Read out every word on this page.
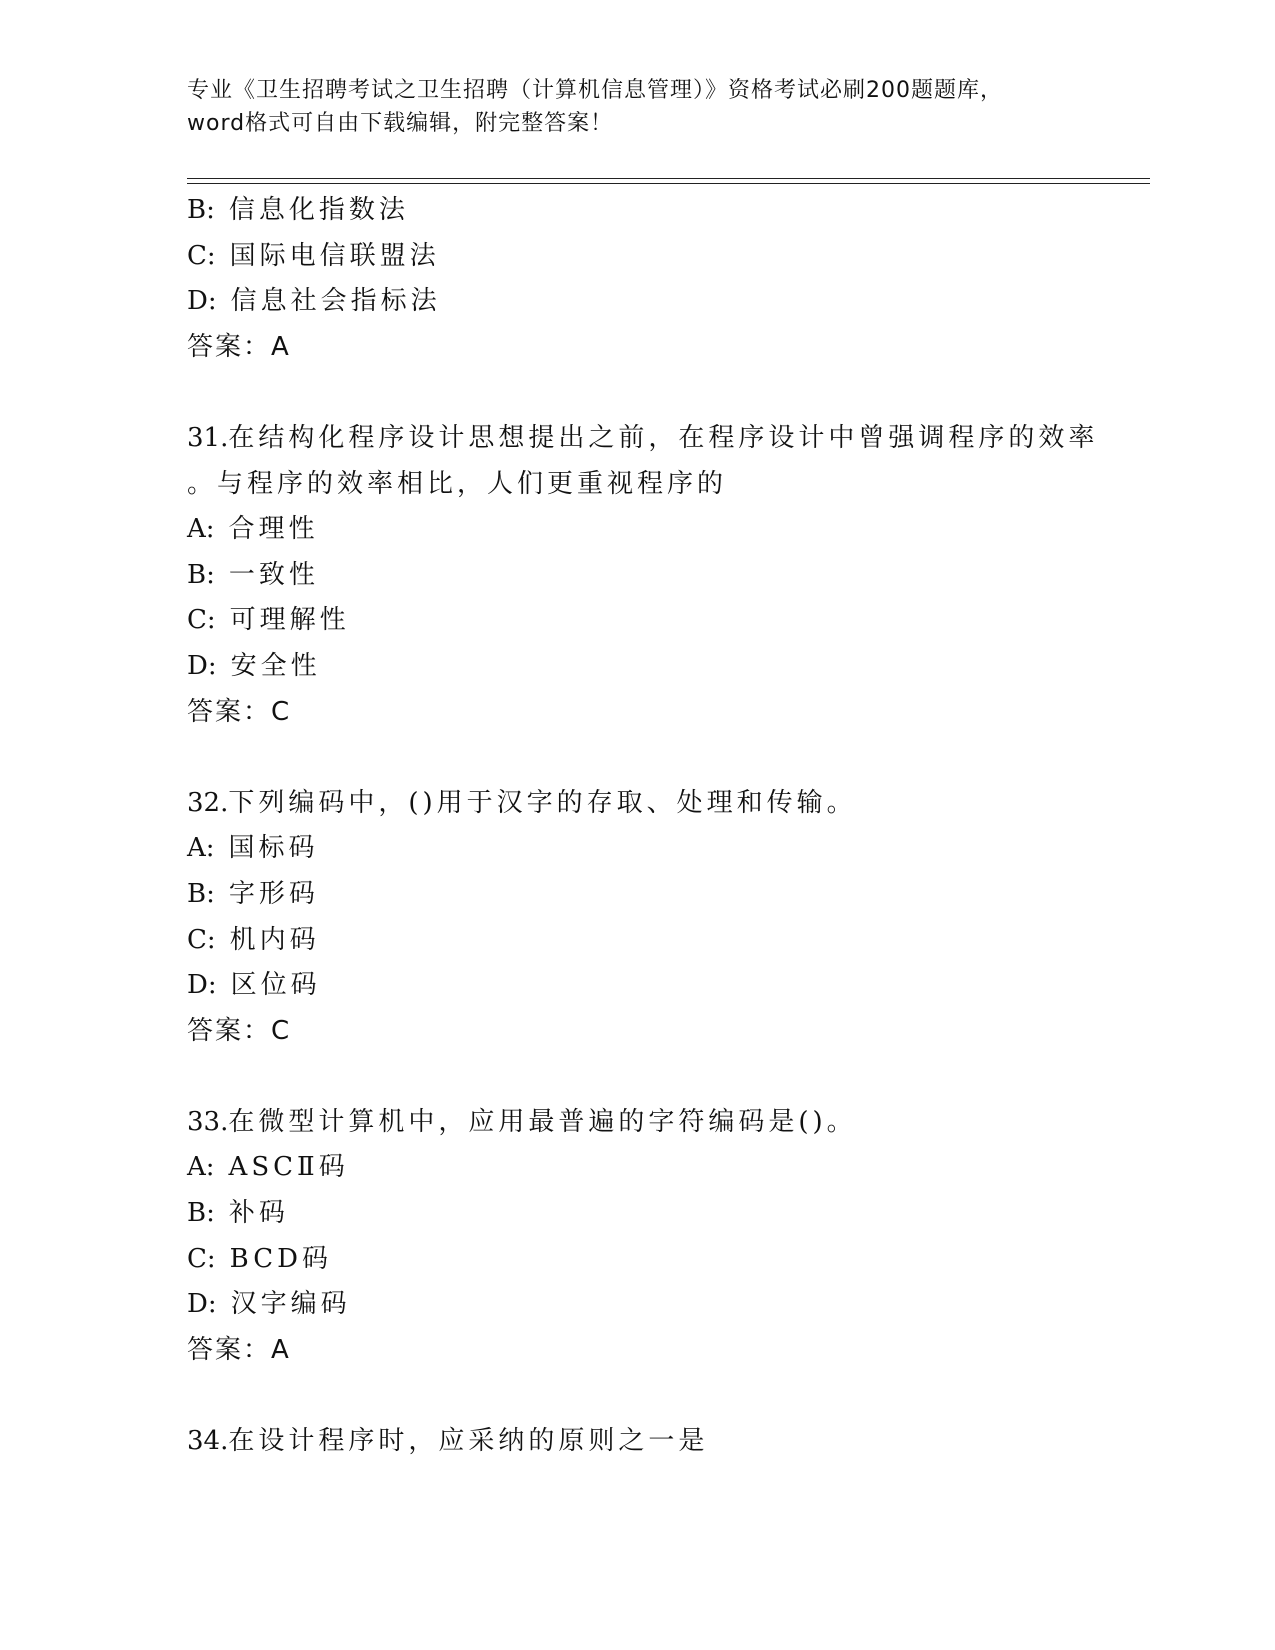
专业《卫生招聘考试之卫生招聘（计算机信息管理）》资格考试必刷200题题库，
word格式可自由下载编辑，附完整答案！
B: 信息化指数法
C: 国际电信联盟法
D: 信息社会指标法
答案：A
31.在结构化程序设计思想提出之前，在程序设计中曾强调程序的效率
。与程序的效率相比，人们更重视程序的
A: 合理性
B: 一致性
C: 可理解性
D: 安全性
答案：C
32.下列编码中，()用于汉字的存取、处理和传输。
A: 国标码
B: 字形码
C: 机内码
D: 区位码
答案：C
33.在微型计算机中，应用最普遍的字符编码是()。
A: ASCⅡ码
B: 补码
C: BCD码
D: 汉字编码
答案：A
34.在设计程序时，应采纳的原则之一是
